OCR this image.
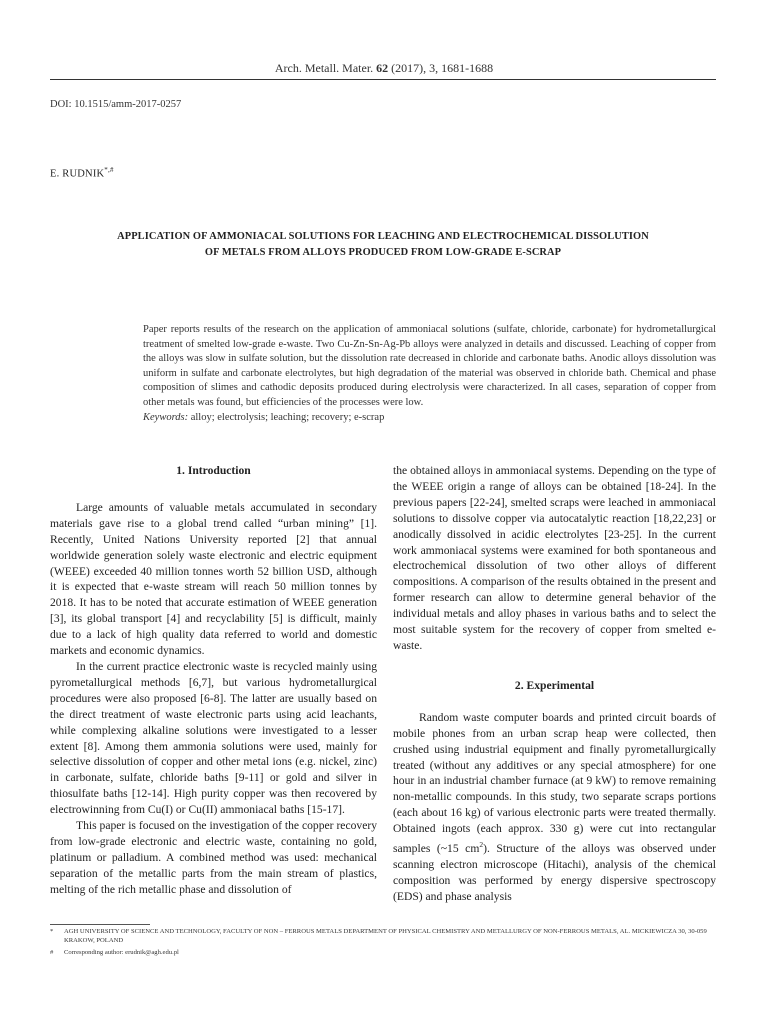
Arch. Metall. Mater. 62 (2017), 3, 1681-1688
DOI: 10.1515/amm-2017-0257
E. RUDNIK*,#
APPLICATION OF AMMONIACAL SOLUTIONS FOR LEACHING AND ELECTROCHEMICAL DISSOLUTION
OF METALS FROM ALLOYS PRODUCED FROM LOW-GRADE E-SCRAP

Paper reports results of the research on the application of ammoniacal solutions (sulfate, chloride, carbonate) for hydrometallurgical treatment of smelted low-grade e-waste. Two Cu-Zn-Sn-Ag-Pb alloys were analyzed in details and discussed. Leaching of copper from the alloys was slow in sulfate solution, but the dissolution rate decreased in chloride and carbonate baths. Anodic alloys dissolution was uniform in sulfate and carbonate electrolytes, but high degradation of the material was observed in chloride bath. Chemical and phase composition of slimes and cathodic deposits produced during electrolysis were characterized. In all cases, separation of copper from other metals was found, but efficiencies of the processes were low.

Keywords: alloy; electrolysis; leaching; recovery; e-scrap

1. Introduction

Large amounts of valuable metals accumulated in secondary materials gave rise to a global trend called “urban mining” [1]. Recently, United Nations University reported [2] that annual worldwide generation solely waste electronic and electric equipment (WEEE) exceeded 40 million tonnes worth 52 billion USD, although it is expected that e-waste stream will reach 50 million tonnes by 2018. It has to be noted that accurate estimation of WEEE generation [3], its global transport [4] and recyclability [5] is difficult, mainly due to a lack of high quality data referred to world and domestic markets and economic dynamics.

In the current practice electronic waste is recycled mainly using pyrometallurgical methods [6,7], but various hydrometallurgical procedures were also proposed [6-8]. The latter are usually based on the direct treatment of waste electronic parts using acid leachants, while complexing alkaline solutions were investigated to a lesser extent [8]. Among them ammonia solutions were used, mainly for selective dissolution of copper and other metal ions (e.g. nickel, zinc) in carbonate, sulfate, chloride baths [9-11] or gold and silver in thiosulfate baths [12-14]. High purity copper was then recovered by electrowinning from Cu(I) or Cu(II) ammoniacal baths [15-17].

This paper is focused on the investigation of the copper recovery from low-grade electronic and electric waste, containing no gold, platinum or palladium. A combined method was used: mechanical separation of the metallic parts from the main stream of plastics, melting of the rich metallic phase and dissolution of

the obtained alloys in ammoniacal systems. Depending on the type of the WEEE origin a range of alloys can be obtained [18-24]. In the previous papers [22-24], smelted scraps were leached in ammoniacal solutions to dissolve copper via autocatalytic reaction [18,22,23] or anodically dissolved in acidic electrolytes [23-25]. In the current work ammoniacal systems were examined for both spontaneous and electrochemical dissolution of two other alloys of different compositions. A comparison of the results obtained in the present and former research can allow to determine general behavior of the individual metals and alloy phases in various baths and to select the most suitable system for the recovery of copper from smelted e-waste.

2. Experimental

Random waste computer boards and printed circuit boards of mobile phones from an urban scrap heap were collected, then crushed using industrial equipment and finally pyrometallurgically treated (without any additives or any special atmosphere) for one hour in an industrial chamber furnace (at 9 kW) to remove remaining non-metallic compounds. In this study, two separate scraps portions (each about 16 kg) of various electronic parts were treated thermally. Obtained ingots (each approx. 330 g) were cut into rectangular samples (~15 $cm^2$). Structure of the alloys was observed under scanning electron microscope (Hitachi), analysis of the chemical composition was performed by energy dispersive spectroscopy (EDS) and phase analysis

*	AGH UNIVERSITY OF SCIENCE AND TECHNOLOGY, FACULTY OF NON – FERROUS METALS DEPARTMENT OF PHYSICAL CHEMISTRY AND METALLURGY OF NON-FERROUS METALS, AL. MICKIEWICZA 30, 30-059 KRAKOW, POLAND
#	Corresponding author: erudnik@agh.edu.pl
